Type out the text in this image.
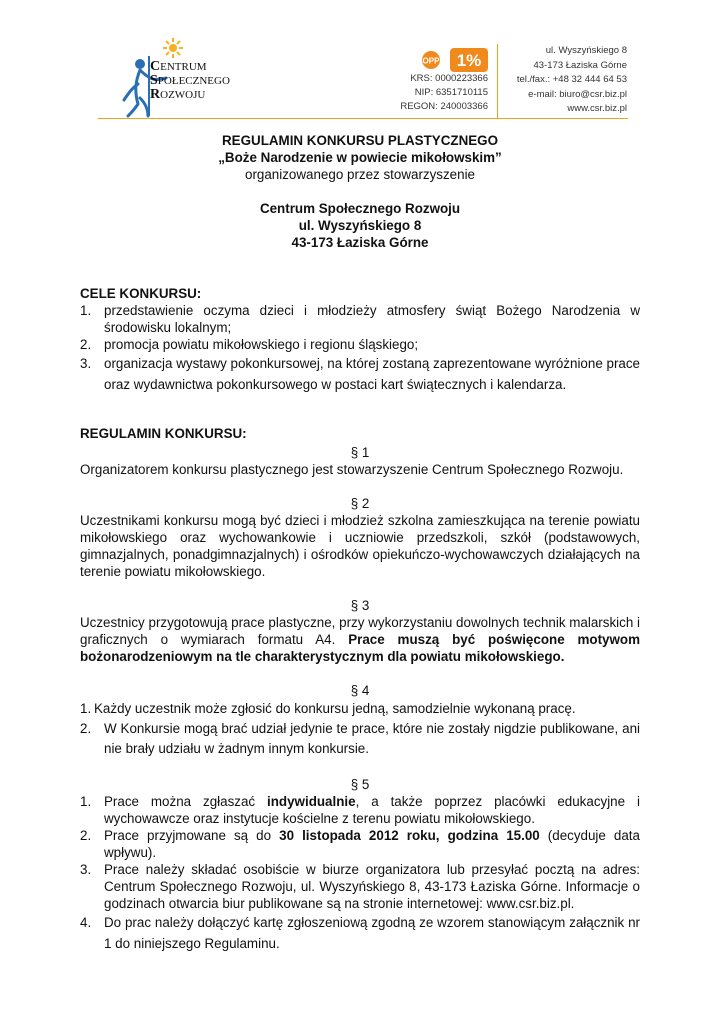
CENTRUM
SPOŁECZNEGO
ROZWOJU
OPP 1%
KRS: 0000223366
NIP: 6351710115
REGON: 240003366
ul. Wyszyńskiego 8
43-173 Łaziska Górne
tel./fax.: +48 32 444 64 53
e-mail: biuro@csr.biz.pl
www.csr.biz.pl
REGULAMIN KONKURSU PLASTYCZNEGO
„Boże Narodzenie w powiecie mikołowskim”
organizowanego przez stowarzyszenie
Centrum Społecznego Rozwoju
ul. Wyszyńskiego 8
43-173 Łaziska Górne
CELE KONKURSU:
1. przedstawienie oczyma dzieci i młodzieży atmosfery świąt Bożego Narodzenia w środowisku lokalnym;
2. promocja powiatu mikołowskiego i regionu śląskiego;
3. organizacja wystawy pokonkursowej, na której zostaną zaprezentowane wyróżnione prace oraz wydawnictwa pokonkursowego w postaci kart świątecznych i kalendarza.
REGULAMIN KONKURSU:
§ 1

Organizatorem konkursu plastycznego jest stowarzyszenie Centrum Społecznego Rozwoju.

§ 2

Uczestnikami konkursu mogą być dzieci i młodzież szkolna zamieszkująca na terenie powiatu mikołowskiego oraz wychowankowie i uczniowie przedszkoli, szkół (podstawowych, gimnazjalnych, ponadgimnazjalnych) i ośrodków opiekuńczo-wychowawczych działających na terenie powiatu mikołowskiego.

§ 3

Uczestnicy przygotowują prace plastyczne, przy wykorzystaniu dowolnych technik malarskich i graficznych o wymiarach formatu A4. Prace muszą być poświęcone motywom bożonarodzeniowym na tle charakterystycznym dla powiatu mikołowskiego.

§ 4
1. Każdy uczestnik może zgłosić do konkursu jedną, samodzielnie wykonaną pracę.
2. W Konkursie mogą brać udział jedynie te prace, które nie zostały nigdzie publikowane, ani nie brały udziału w żadnym innym konkursie.
§ 5
1. Prace można zgłaszać indywidualnie, a także poprzez placówki edukacyjne i wychowawcze oraz instytucje kościelne z terenu powiatu mikołowskiego.
2. Prace przyjmowane są do 30 listopada 2012 roku, godzina 15.00 (decyduje data wpływu).
3. Prace należy składać osobiście w biurze organizatora lub przesyłać pocztą na adres: Centrum Społecznego Rozwoju, ul. Wyszyńskiego 8, 43-173 Łaziska Górne. Informacje o godzinach otwarcia biur publikowane są na stronie internetowej: www.csr.biz.pl.
4. Do prac należy dołączyć kartę zgłoszeniową zgodną ze wzorem stanowiącym załącznik nr 1 do niniejszego Regulaminu.
